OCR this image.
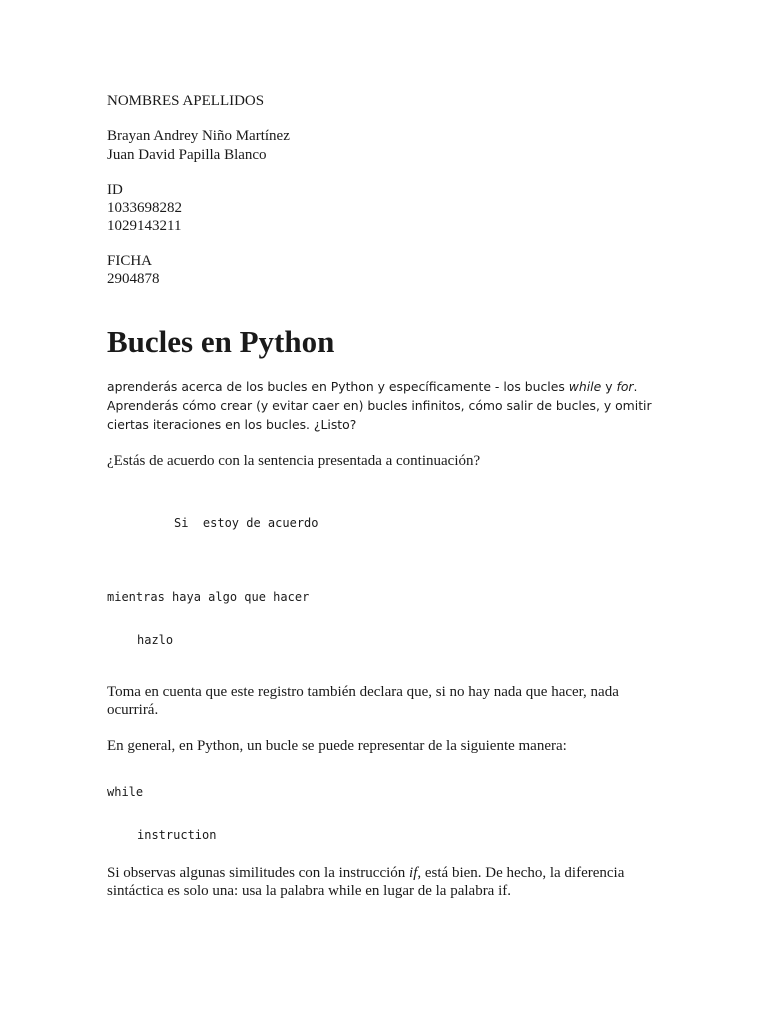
NOMBRES APELLIDOS

Brayan Andrey Niño Martínez

Juan David Papilla Blanco

ID

1033698282

1029143211

FICHA

2904878

Bucles en Python

aprenderás acerca de los bucles en Python y específicamente - los bucles while y for.

Aprenderás cómo crear (y evitar caer en) bucles infinitos, cómo salir de bucles, y omitir

ciertas iteraciones en los bucles. ¿Listo?

¿Estás de acuerdo con la sentencia presentada a continuación?

Si  estoy de acuerdo

mientras haya algo que hacer

hazlo

Toma en cuenta que este registro también declara que, si no hay nada que hacer, nada

ocurrirá.

En general, en Python, un bucle se puede representar de la siguiente manera:

while

instruction

Si observas algunas similitudes con la instrucción if, está bien. De hecho, la diferencia

sintáctica es solo una: usa la palabra while en lugar de la palabra if.
